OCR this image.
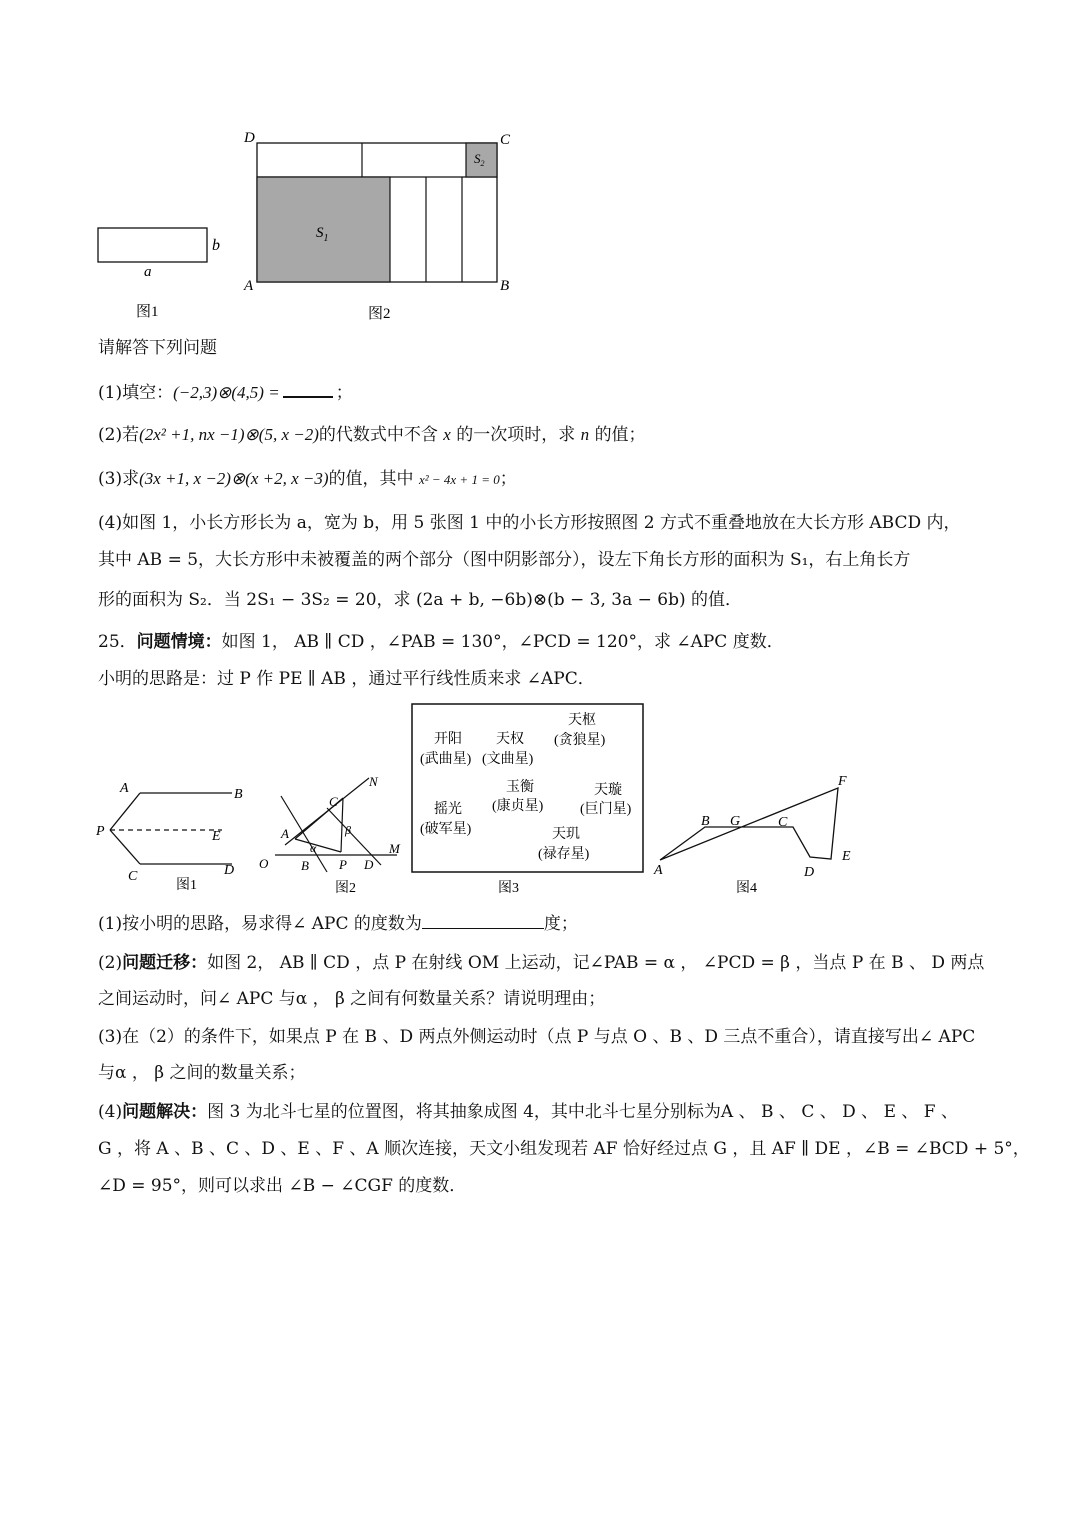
b
a
图1
D	C
A	B
$S_1$
$S_2$
图2
请解答下列问题
(1)填空：(−2,3)⊗(4,5) =	；
(2)若(2x² +1, nx −1)⊗(5, x −2)的代数式中不含 x 的一次项时，求 n 的值；
(3)求(3x +1, x −2)⊗(x +2, x −3)的值，其中 x² − 4x + 1 = 0；
(4)如图 1，小长方形长为 a，宽为 b，用 5 张图 1 中的小长方形按照图 2 方式不重叠地放在大长方形 ABCD 内，
其中 AB = 5，大长方形中未被覆盖的两个部分（图中阴影部分），设左下角长方形的面积为 S₁，右上角长方
形的面积为 S₂．当 2S₁ − 3S₂ = 20，求 (2a + b, −6b)⊗(b − 3, 3a − 6b) 的值．
25．问题情境：如图 1， AB ∥ CD ，∠PAB = 130°，∠PCD = 120°，求 ∠APC 度数．
小明的思路是：过 P 作 PE ∥ AB ，通过平行线性质来求 ∠APC．
A	B
P	E
C	D
图1
N
C
A
α
β
O	B P D
M
图2
天枢
(贪狼星)
开阳
(武曲星)
天权
(文曲星)
玉衡
(康贞星)
天璇
(巨门星)
摇光
(破军星)	天玑
(禄存星)
图3
F
B G	C
E
A	D
图4
(1)按小明的思路，易求得∠ APC 的度数为	度；
(2)问题迁移：如图 2， AB ∥ CD ，点 P 在射线 OM 上运动，记∠PAB = α ， ∠PCD = β ，当点 P 在 B 、 D 两点
之间运动时，问∠ APC 与α ， β 之间有何数量关系？请说明理由；
(3)在（2）的条件下，如果点 P 在 B 、D 两点外侧运动时（点 P 与点 O 、B 、D 三点不重合），请直接写出∠ APC
与α ， β 之间的数量关系；
(4)问题解决：图 3 为北斗七星的位置图，将其抽象成图 4，其中北斗七星分别标为A 、 B 、 C 、 D 、 E 、 F 、
G ，将 A 、B 、C 、D 、E 、F 、A 顺次连接，天文小组发现若 AF 恰好经过点 G ，且 AF ∥ DE ，∠B = ∠BCD + 5°，
∠D = 95°，则可以求出 ∠B − ∠CGF 的度数．
